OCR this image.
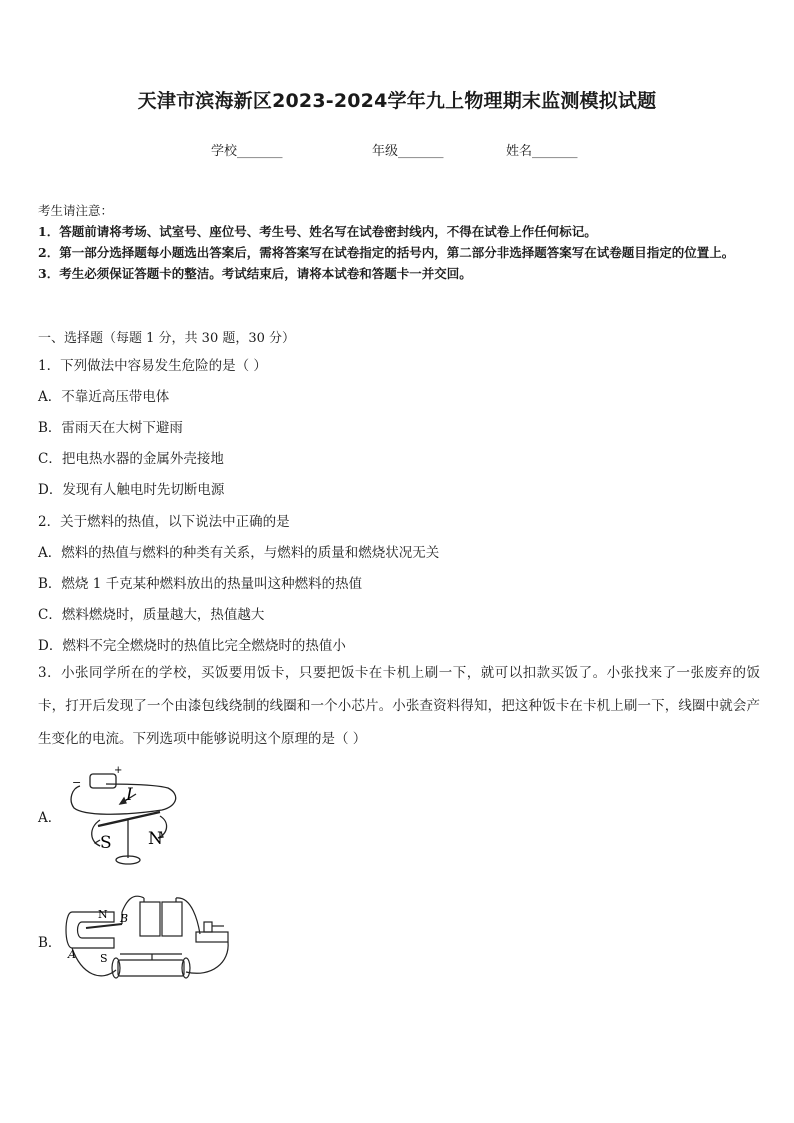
天津市滨海新区2023-2024学年九上物理期末监测模拟试题
学校_______	年级_______	姓名_______
考生请注意：
1．答题前请将考场、试室号、座位号、考生号、姓名写在试卷密封线内，不得在试卷上作任何标记。
2．第一部分选择题每小题选出答案后，需将答案写在试卷指定的括号内，第二部分非选择题答案写在试卷题目指定的位置上。
3．考生必须保证答题卡的整洁。考试结束后，请将本试卷和答题卡一并交回。
一、选择题（每题 1 分，共 30 题，30 分）
1．下列做法中容易发生危险的是（ ）
A．不靠近高压带电体
B．雷雨天在大树下避雨
C．把电热水器的金属外壳接地
D．发现有人触电时先切断电源
2．关于燃料的热值，以下说法中正确的是
A．燃料的热值与燃料的种类有关系，与燃料的质量和燃烧状况无关
B．燃烧 1 千克某种燃料放出的热量叫这种燃料的热值
C．燃料燃烧时，质量越大，热值越大
D．燃料不完全燃烧时的热值比完全燃烧时的热值小
3．小张同学所在的学校，买饭要用饭卡，只要把饭卡在卡机上刷一下，就可以扣款买饭了。小张找来了一张废弃的饭卡，打开后发现了一个由漆包线绕制的线圈和一个小芯片。小张查资料得知，把这种饭卡在卡机上刷一下，线圈中就会产生变化的电流。下列选项中能够说明这个原理的是（ ）
A．
B．
−
+
I
S N
N
S
A
B
